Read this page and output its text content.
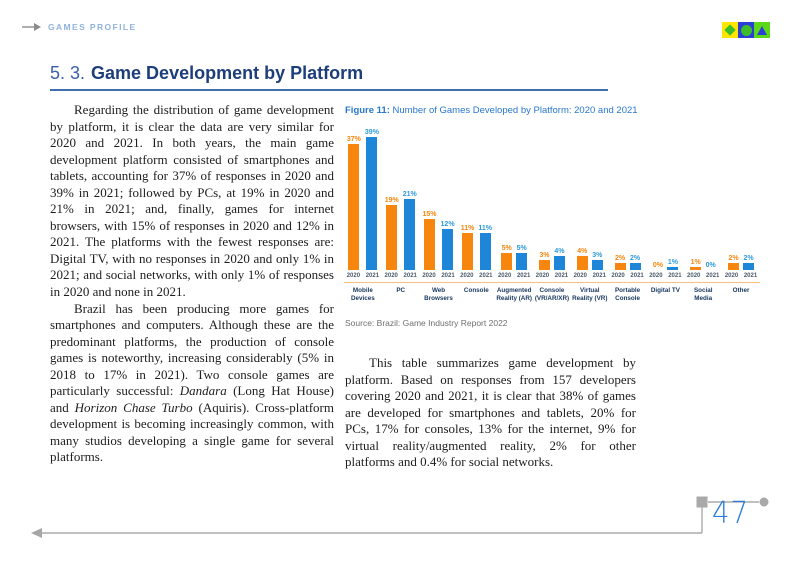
GAMES PROFILE
5. 3. Game Development by Platform

Regarding the distribution of game development by platform, it is clear the data are very similar for 2020 and 2021. In both years, the main game development platform consisted of smartphones and tablets, accounting for 37% of responses in 2020 and 39% in 2021; followed by PCs, at 19% in 2020 and 21% in 2021; and, finally, games for internet browsers, with 15% of responses in 2020 and 12% in 2021. The platforms with the fewest responses are: Digital TV, with no responses in 2020 and only 1% in 2021; and social networks, with only 1% of responses in 2020 and none in 2021.

Brazil has been producing more games for smartphones and computers. Although these are the predominant platforms, the production of console games is noteworthy, increasing considerably (5% in 2018 to 17% in 2021). Two console games are particularly successful: Dandara (Long Hat House) and Horizon Chase Turbo (Aquiris). Cross-platform development is becoming increasingly common, with many studios developing a single game for several platforms.

Figure 11: Number of Games Developed by Platform: 2020 and 2021
37%
39%
2020 2021
Mobile Devices
19%
21%
2020 2021
PC
15%
12%
2020 2021
Web Browsers
11% 11%
2020 2021
Console
5% 5%
2020 2021
Augmented Reality (AR)
3% 4%
2020 2021
Console (VR/AR/XR)
4% 3%
2020 2021
Virtual Reality (VR)
2% 2%
2020 2021
Portable Console
0% 1%
2020 2021
Digital TV
1% 0%
2020 2021
Social Media
2% 2%
2020 2021
Other
Source: Brazil: Game Industry Report 2022

This table summarizes game development by platform. Based on responses from 157 developers covering 2020 and 2021, it is clear that 38% of games are developed for smartphones and tablets, 20% for PCs, 17% for consoles, 13% for the internet, 9% for virtual reality/augmented reality, 2% for other platforms and 0.4% for social networks.

47
